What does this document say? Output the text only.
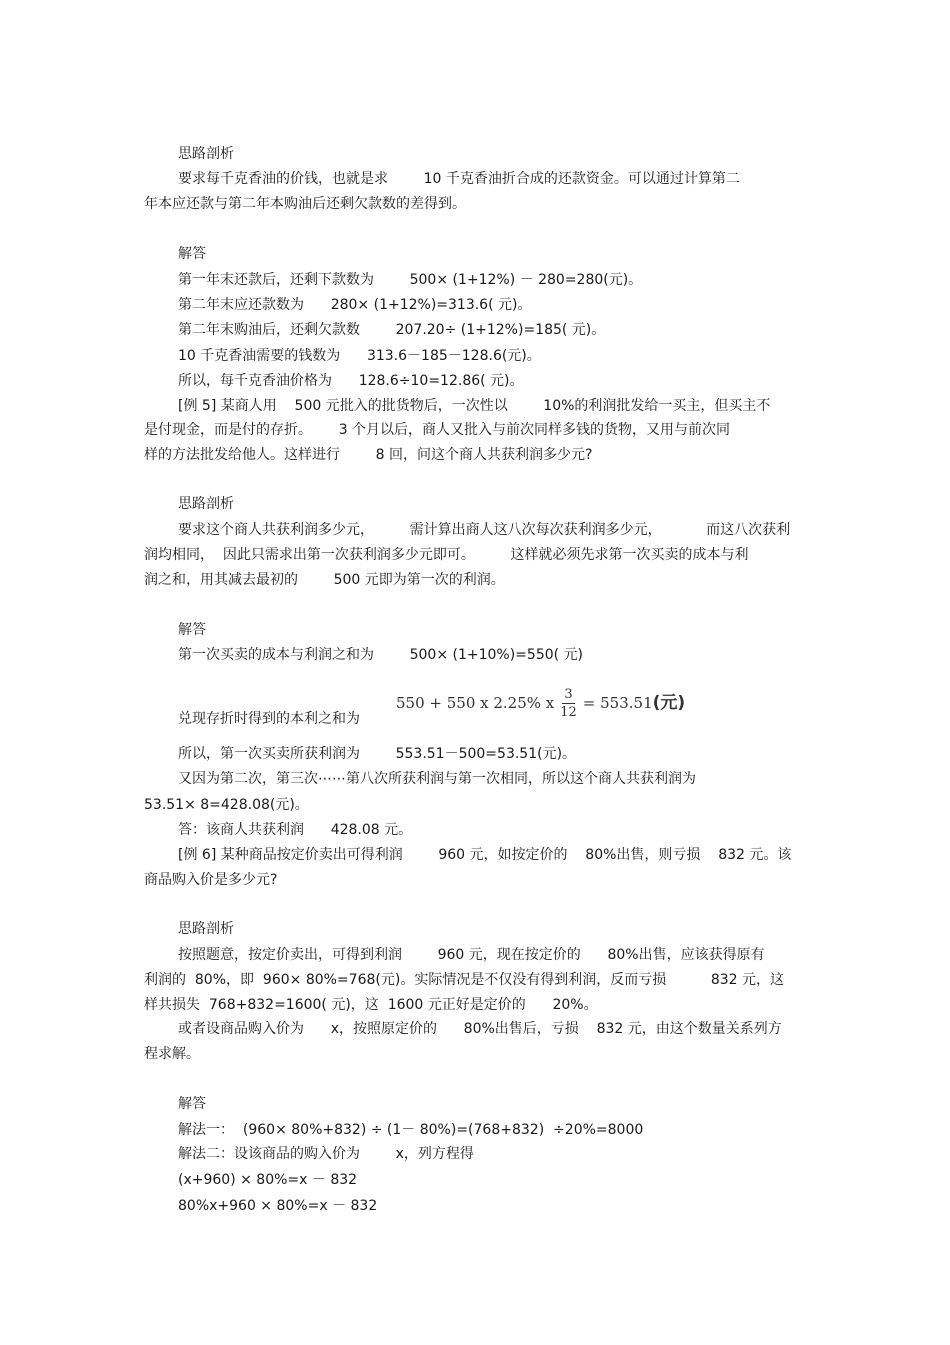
550 + 550 x 2.25% x $\frac{3}{12} = 553.51$ (元)

思路剖析

要求每千克香油的价钱，也就是求        10 千克香油折合成的还款资金。可以通过计算第二

年本应还款与第二年本购油后还剩欠款数的差得到。

解答

第一年末还款后，还剩下款数为        500× (1+12%) － 280=280(元)。

第二年末应还款数为      280× (1+12%)=313.6( 元)。

第二年末购油后，还剩欠款数        207.20÷ (1+12%)=185( 元)。

10 千克香油需要的钱数为      313.6－185－128.6(元)。

所以，每千克香油价格为      128.6÷10=12.86( 元)。

[例 5] 某商人用    500 元批入的批货物后，一次性以        10%的利润批发给一买主，但买主不

是付现金，而是付的存折。      3 个月以后，商人又批入与前次同样多钱的货物，又用与前次同

样的方法批发给他人。这样进行        8 回，问这个商人共获利润多少元?

思路剖析

要求这个商人共获利润多少元，        需计算出商人这八次每次获利润多少元，          而这八次获利

润均相同，  因此只需求出第一次获利润多少元即可。        这样就必须先求第一次买卖的成本与利

润之和，用其减去最初的        500 元即为第一次的利润。

解答

第一次买卖的成本与利润之和为        500× (1+10%)=550( 元)

兑现存折时得到的本利之和为

所以，第一次买卖所获利润为        553.51－500=53.51(元)。

又因为第二次，第三次⋯⋯第八次所获利润与第一次相同，所以这个商人共获利润为

53.51× 8=428.08(元)。

答：该商人共获利润      428.08 元。

[例 6] 某种商品按定价卖出可得利润        960 元，如按定价的    80%出售，则亏损    832 元。该

商品购入价是多少元?

思路剖析

按照题意，按定价卖出，可得到利润        960 元，现在按定价的      80%出售，应该获得原有

利润的  80%，即  960× 80%=768(元)。实际情况是不仅没有得到利润，反而亏损          832 元，这

样共损失  768+832=1600( 元)，这  1600 元正好是定价的      20%。

或者设商品购入价为      x，按照原定价的      80%出售后，亏损    832 元，由这个数量关系列方

程求解。

解答

解法一：  (960× 80%+832) ÷ (1－ 80%)=(768+832)  ÷20%=8000

解法二：设该商品的购入价为        x，列方程得

(x+960) × 80%=x － 832

80%x+960 × 80%=x － 832
